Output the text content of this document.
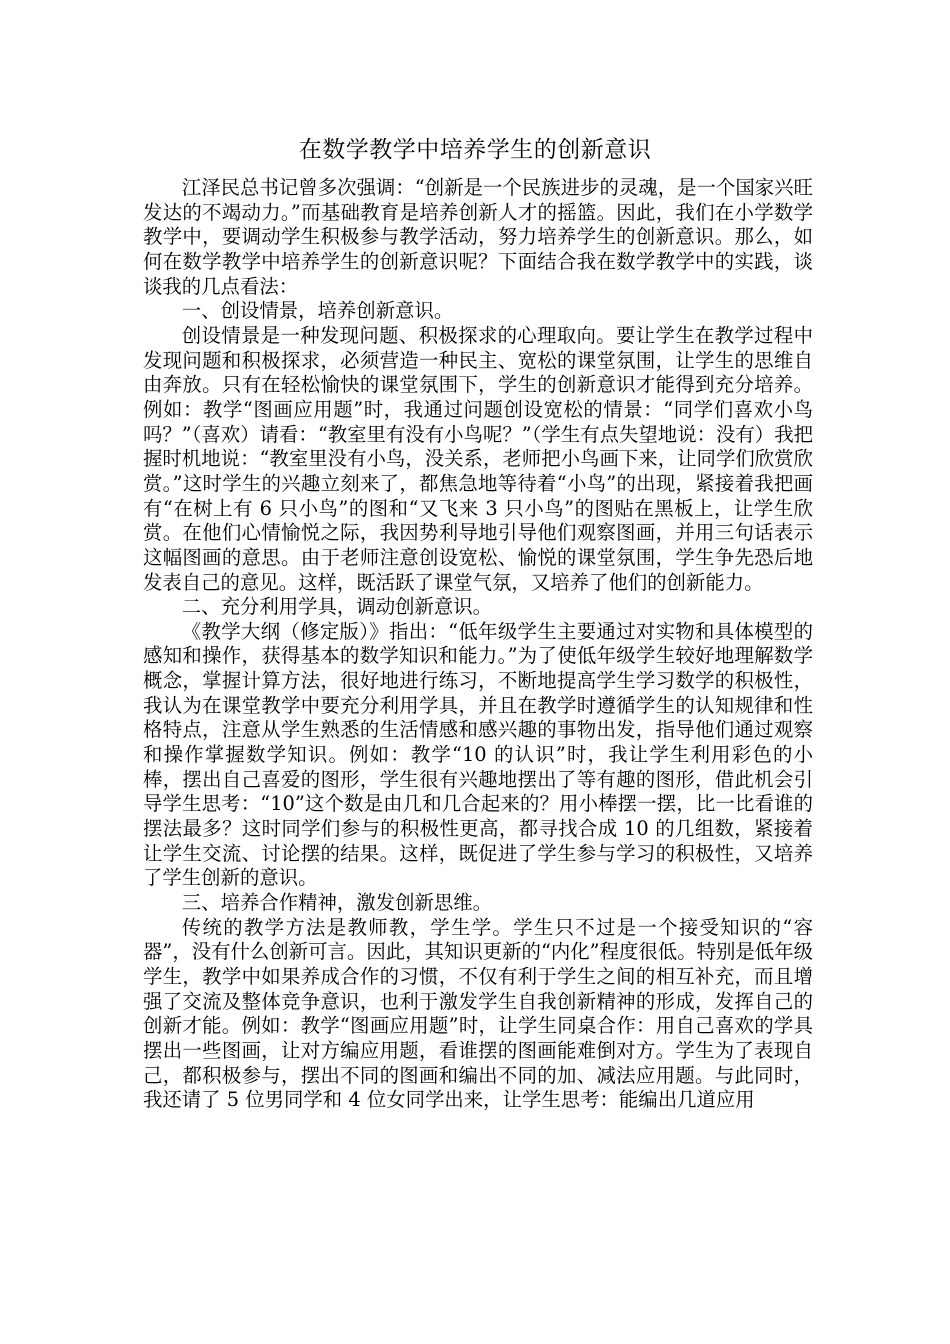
在数学教学中培养学生的创新意识

江泽民总书记曾多次强调：“创新是一个民族进步的灵魂，是一个国家兴旺发达的不竭动力。”而基础教育是培养创新人才的摇篮。因此，我们在小学数学教学中，要调动学生积极参与教学活动，努力培养学生的创新意识。那么，如何在数学教学中培养学生的创新意识呢？下面结合我在数学教学中的实践，谈谈我的几点看法：

一、创设情景，培养创新意识。

创设情景是一种发现问题、积极探求的心理取向。要让学生在教学过程中发现问题和积极探求，必须营造一种民主、宽松的课堂氛围，让学生的思维自由奔放。只有在轻松愉快的课堂氛围下，学生的创新意识才能得到充分培养。例如：教学“图画应用题”时，我通过问题创设宽松的情景：“同学们喜欢小鸟吗？”（喜欢）请看：“教室里有没有小鸟呢？”（学生有点失望地说：没有）我把握时机地说：“教室里没有小鸟，没关系，老师把小鸟画下来，让同学们欣赏欣赏。”这时学生的兴趣立刻来了，都焦急地等待着“小鸟”的出现，紧接着我把画有“在树上有 6 只小鸟”的图和“又飞来 3 只小鸟”的图贴在黑板上，让学生欣赏。在他们心情愉悦之际，我因势利导地引导他们观察图画，并用三句话表示这幅图画的意思。由于老师注意创设宽松、愉悦的课堂氛围，学生争先恐后地发表自己的意见。这样，既活跃了课堂气氛，又培养了他们的创新能力。

二、充分利用学具，调动创新意识。

《教学大纲（修定版）》指出：“低年级学生主要通过对实物和具体模型的感知和操作，获得基本的数学知识和能力。”为了使低年级学生较好地理解数学概念，掌握计算方法，很好地进行练习，不断地提高学生学习数学的积极性，我认为在课堂教学中要充分利用学具，并且在教学时遵循学生的认知规律和性格特点，注意从学生熟悉的生活情感和感兴趣的事物出发，指导他们通过观察和操作掌握数学知识。例如：教学“10 的认识”时，我让学生利用彩色的小棒，摆出自己喜爱的图形，学生很有兴趣地摆出了等有趣的图形，借此机会引导学生思考：“10”这个数是由几和几合起来的？用小棒摆一摆，比一比看谁的摆法最多？这时同学们参与的积极性更高，都寻找合成 10 的几组数，紧接着让学生交流、讨论摆的结果。这样，既促进了学生参与学习的积极性，又培养了学生创新的意识。

三、培养合作精神，激发创新思维。

传统的教学方法是教师教，学生学。学生只不过是一个接受知识的“容器”，没有什么创新可言。因此，其知识更新的“内化”程度很低。特别是低年级学生，教学中如果养成合作的习惯，不仅有利于学生之间的相互补充，而且增强了交流及整体竞争意识，也利于激发学生自我创新精神的形成，发挥自己的创新才能。例如：教学“图画应用题”时，让学生同桌合作：用自己喜欢的学具摆出一些图画，让对方编应用题，看谁摆的图画能难倒对方。学生为了表现自己，都积极参与，摆出不同的图画和编出不同的加、减法应用题。与此同时，我还请了 5 位男同学和 4 位女同学出来，让学生思考：能编出几道应用
